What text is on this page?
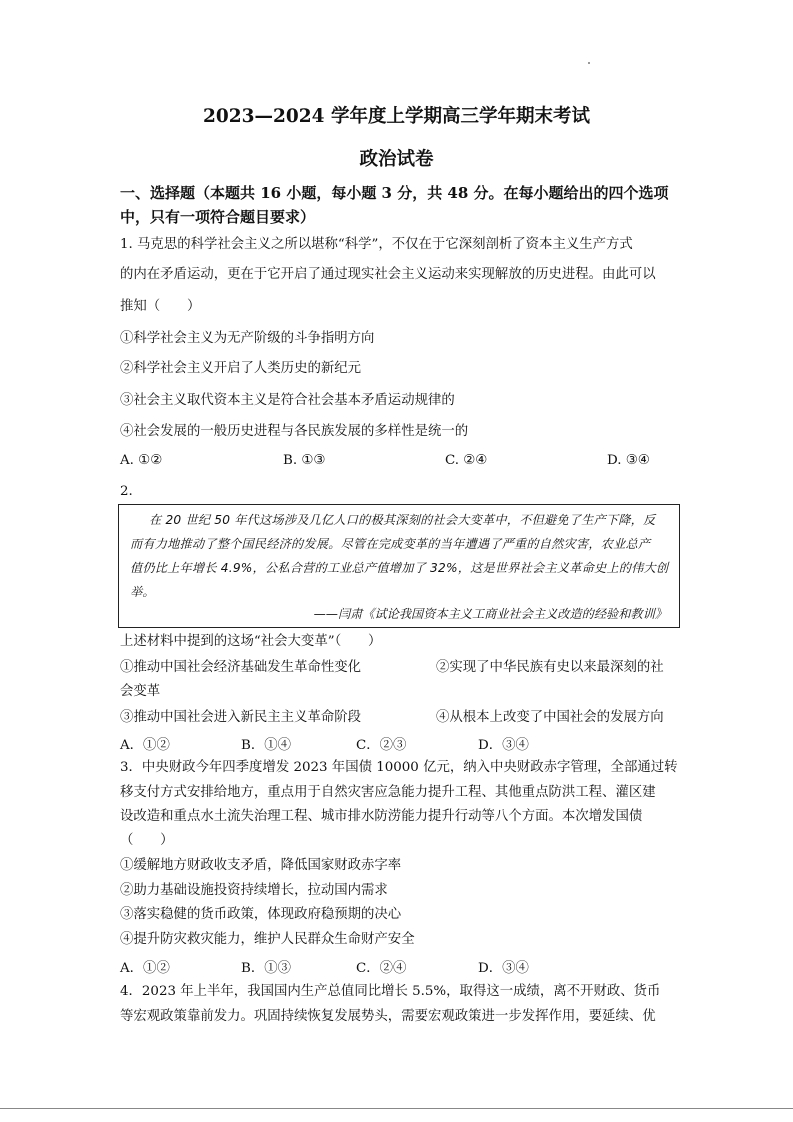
2023—2024 学年度上学期高三学年期末考试
政治试卷
一、选择题（本题共 16 小题，每小题 3 分，共 48 分。在每小题给出的四个选项
中，只有一项符合题目要求）
1. 马克思的科学社会主义之所以堪称“科学”，不仅在于它深刻剖析了资本主义生产方式
的内在矛盾运动，更在于它开启了通过现实社会主义运动来实现解放的历史进程。由此可以
推知（　　）
①科学社会主义为无产阶级的斗争指明方向
②科学社会主义开启了人类历史的新纪元
③社会主义取代资本主义是符合社会基本矛盾运动规律的
④社会发展的一般历史进程与各民族发展的多样性是统一的
A. ①②	B. ①③	C. ②④	D. ③④
2.
在 20 世纪 50 年代这场涉及几亿人口的极其深刻的社会大变革中，不但避免了生产下降，反
而有力地推动了整个国民经济的发展。尽管在完成变革的当年遭遇了严重的自然灾害，农业总产
值仍比上年增长 4.9%，公私合营的工业总产值增加了 32%，这是世界社会主义革命史上的伟大创
举。
——闫肃《试论我国资本主义工商业社会主义改造的经验和教训》
上述材料中提到的这场“社会大变革”（　　）
①推动中国社会经济基础发生革命性变化	②实现了中华民族有史以来最深刻的社
会变革
③推动中国社会进入新民主主义革命阶段	④从根本上改变了中国社会的发展方向
A．①②	B．①④	C．②③	D．③④
3．中央财政今年四季度增发 2023 年国债 10000 亿元，纳入中央财政赤字管理，全部通过转
移支付方式安排给地方，重点用于自然灾害应急能力提升工程、其他重点防洪工程、灌区建
设改造和重点水土流失治理工程、城市排水防涝能力提升行动等八个方面。本次增发国债
（　　）
①缓解地方财政收支矛盾，降低国家财政赤字率
②助力基础设施投资持续增长，拉动国内需求
③落实稳健的货币政策，体现政府稳预期的决心
④提升防灾救灾能力，维护人民群众生命财产安全
A．①②	B．①③	C．②④	D．③④
4．2023 年上半年，我国国内生产总值同比增长 5.5%，取得这一成绩，离不开财政、货币
等宏观政策靠前发力。巩固持续恢复发展势头，需要宏观政策进一步发挥作用，要延续、优
